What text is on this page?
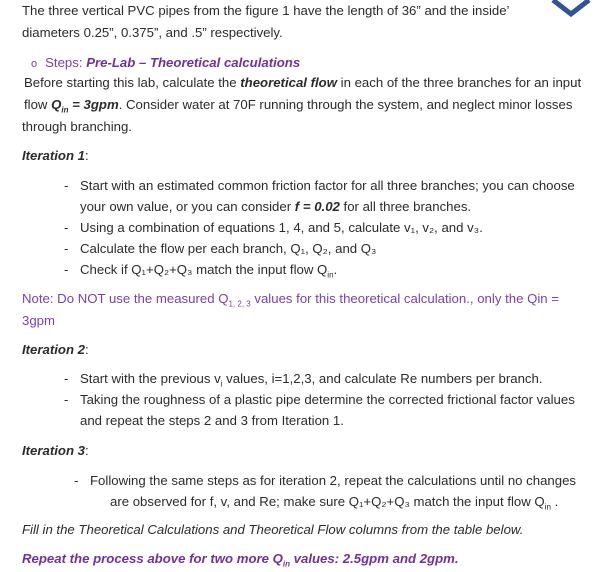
The three vertical PVC pipes from the figure 1 have the length of 36” and the inside’
diameters 0.25”, 0.375”, and .5” respectively.
o Steps: Pre-Lab – Theoretical calculations
Before starting this lab, calculate the theoretical flow in each of the three branches for an input
flow $Q_{in} = 3gpm$. Consider water at 70F running through the system, and neglect minor losses
through branching.
Iteration 1:
- Start with an estimated common friction factor for all three branches; you can choose
your own value, or you can consider f = 0.02 for all three branches.
- Using a combination of equations 1, 4, and 5, calculate v₁, v₂, and v₃.
- Calculate the flow per each branch, Q₁, Q₂, and Q₃
- Check if Q₁+Q₂+Q₃ match the input flow $Q_{in}$.
Note: Do NOT use the measured $Q_{1, 2, 3}$ values for this theoretical calculation., only the Qin =
3gpm
Iteration 2:
- Start with the previous $v_i$ values, i=1,2,3, and calculate Re numbers per branch.
- Taking the roughness of a plastic pipe determine the corrected frictional factor values
and repeat the steps 2 and 3 from Iteration 1.
Iteration 3:
- Following the same steps as for iteration 2, repeat the calculations until no changes
are observed for f, v, and Re; make sure Q₁+Q₂+Q₃ match the input flow $Q_{in}$ .
Fill in the Theoretical Calculations and Theoretical Flow columns from the table below.
Repeat the process above for two more $Q_{in}$ values: 2.5gpm and 2gpm.
